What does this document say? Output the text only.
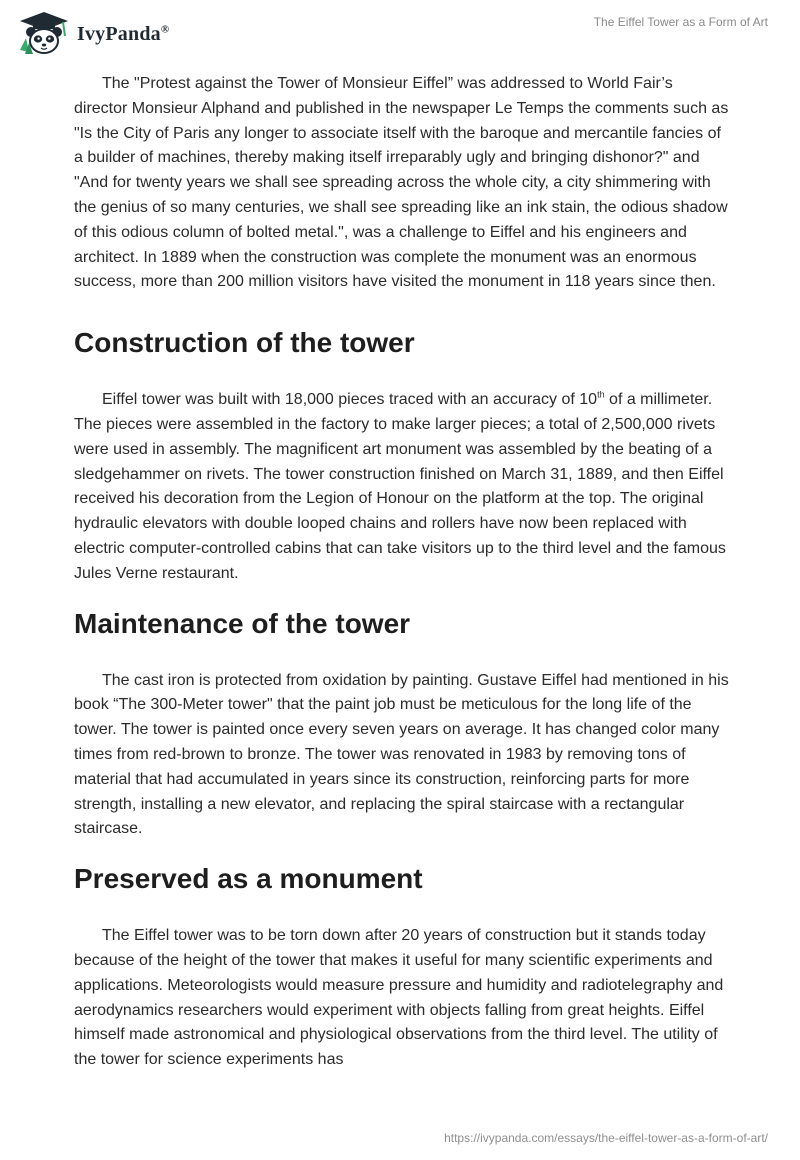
IvyPanda®	The Eiffel Tower as a Form of Art

The "Protest against the Tower of Monsieur Eiffel” was addressed to World Fair’s director Monsieur Alphand and published in the newspaper Le Temps the comments such as "Is the City of Paris any longer to associate itself with the baroque and mercantile fancies of a builder of machines, thereby making itself irreparably ugly and bringing dishonor?" and "And for twenty years we shall see spreading across the whole city, a city shimmering with the genius of so many centuries, we shall see spreading like an ink stain, the odious shadow of this odious column of bolted metal.", was a challenge to Eiffel and his engineers and architect. In 1889 when the construction was complete the monument was an enormous success, more than 200 million visitors have visited the monument in 118 years since then.

Construction of the tower

Eiffel tower was built with 18,000 pieces traced with an accuracy of 10th of a millimeter. The pieces were assembled in the factory to make larger pieces; a total of 2,500,000 rivets were used in assembly. The magnificent art monument was assembled by the beating of a sledgehammer on rivets. The tower construction finished on March 31, 1889, and then Eiffel received his decoration from the Legion of Honour on the platform at the top. The original hydraulic elevators with double looped chains and rollers have now been replaced with electric computer-controlled cabins that can take visitors up to the third level and the famous Jules Verne restaurant.

Maintenance of the tower

The cast iron is protected from oxidation by painting. Gustave Eiffel had mentioned in his book “The 300-Meter tower" that the paint job must be meticulous for the long life of the tower. The tower is painted once every seven years on average. It has changed color many times from red-brown to bronze. The tower was renovated in 1983 by removing tons of material that had accumulated in years since its construction, reinforcing parts for more strength, installing a new elevator, and replacing the spiral staircase with a rectangular staircase.

Preserved as a monument

The Eiffel tower was to be torn down after 20 years of construction but it stands today because of the height of the tower that makes it useful for many scientific experiments and applications. Meteorologists would measure pressure and humidity and radiotelegraphy and aerodynamics researchers would experiment with objects falling from great heights. Eiffel himself made astronomical and physiological observations from the third level. The utility of the tower for science experiments has

https://ivypanda.com/essays/the-eiffel-tower-as-a-form-of-art/
